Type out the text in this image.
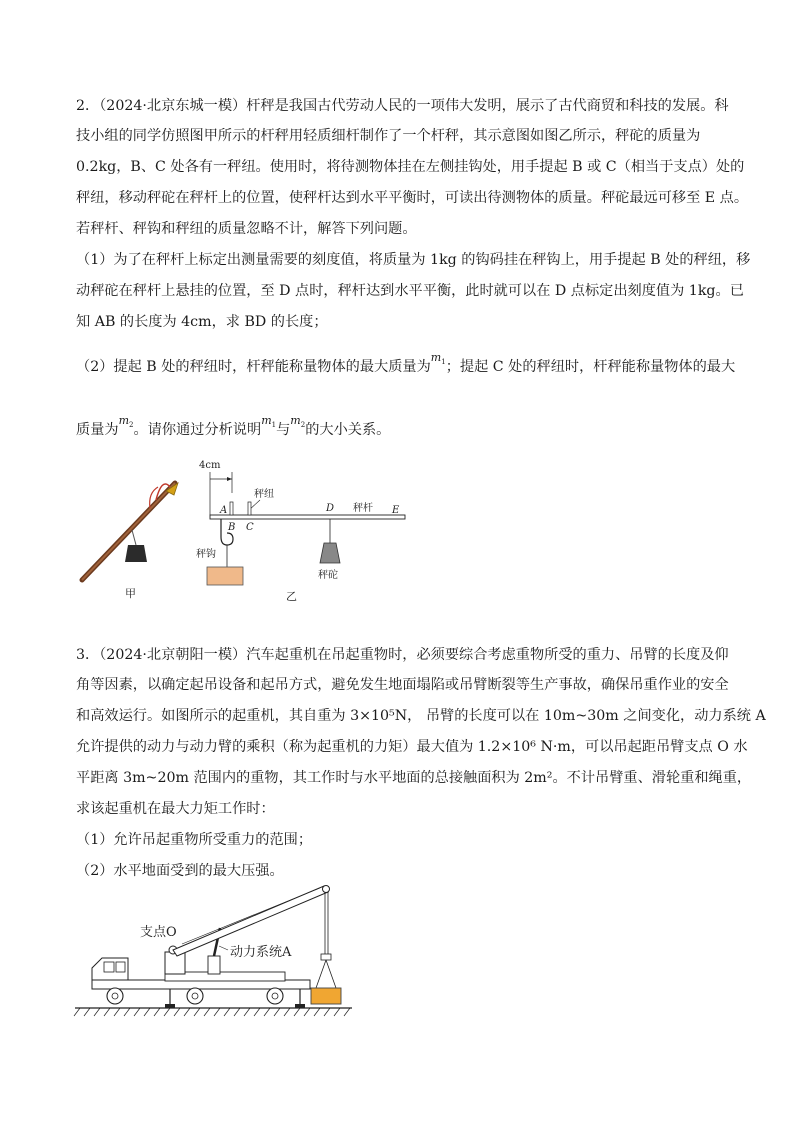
2．（2024·北京东城一模）杆秤是我国古代劳动人民的一项伟大发明，展示了古代商贸和科技的发展。科
技小组的同学仿照图甲所示的杆秤用轻质细杆制作了一个杆秤，其示意图如图乙所示，秤砣的质量为
0.2kg，B、C 处各有一秤纽。使用时，将待测物体挂在左侧挂钩处，用手提起 B 或 C（相当于支点）处的
秤纽，移动秤砣在秤杆上的位置，使秤杆达到水平平衡时，可读出待测物体的质量。秤砣最远可移至 E 点。
若秤杆、秤钩和秤纽的质量忽略不计，解答下列问题。
（1）为了在秤杆上标定出测量需要的刻度值，将质量为 1kg 的钩码挂在秤钩上，用手提起 B 处的秤纽，移
动秤砣在秤杆上悬挂的位置，至 D 点时，秤杆达到水平平衡，此时就可以在 D 点标定出刻度值为 1kg。已
知 AB 的长度为 4cm，求 BD 的长度；
（2）提起 B 处的秤纽时，杆秤能称量物体的最大质量为$^{m_1}$；提起 C 处的秤纽时，杆秤能称量物体的最大
质量为$^{m_2}$。请你通过分析说明$^{m_1}$与$^{m_2}$的大小关系。
甲
4cm
秤纽
A
B C
D 秤杆 E
秤钩
秤砣
乙
3．（2024·北京朝阳一模）汽车起重机在吊起重物时，必须要综合考虑重物所受的重力、吊臂的长度及仰
角等因素，以确定起吊设备和起吊方式，避免发生地面塌陷或吊臂断裂等生产事故，确保吊重作业的安全
和高效运行。如图所示的起重机，其自重为 3×10⁵N， 吊臂的长度可以在 10m~30m 之间变化，动力系统 A
允许提供的动力与动力臂的乘积（称为起重机的力矩）最大值为 1.2×10⁶ N·m，可以吊起距吊臂支点 O 水
平距离 3m~20m 范围内的重物，其工作时与水平地面的总接触面积为 2m²。不计吊臂重、滑轮重和绳重，
求该起重机在最大力矩工作时：
（1）允许吊起重物所受重力的范围；
（2）水平地面受到的最大压强。
支点O
动力系统A
